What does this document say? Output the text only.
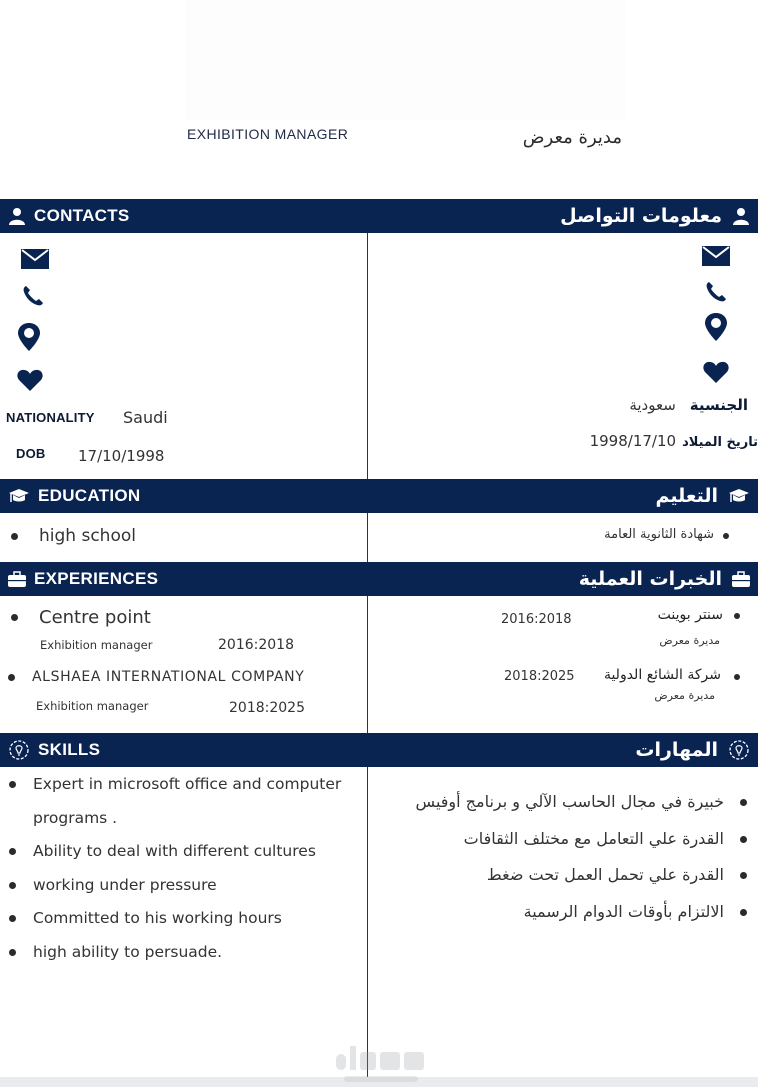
EXHIBITION MANAGER	مديرة معرض
CONTACTS	معلومات التواصل
NATIONALITY Saudi
DOB 17/10/1998
الجنسية
سعودية
تاريخ الميلاد
1998/17/10
EDUCATION	التعليم
high school	شهادة الثانوية العامة
EXPERIENCES	الخبرات العملية
Centre point
Exhibition manager	2016:2018
ALSHAEA INTERNATIONAL COMPANY
Exhibition manager	2018:2025
سنتر بوينت
2016:2018
مديرة معرض
شركة الشائع الدولية
2018:2025
مديرة معرض
SKILLS	المهارات
Expert in microsoft office and computer
programs .
Ability to deal with different cultures
working under pressure
Committed to his working hours
high ability to persuade.
خبيرة في مجال الحاسب الآلي و برنامج أوفيس
القدرة علي التعامل مع مختلف الثقافات
القدرة علي تحمل العمل تحت ضغط
الالتزام بأوقات الدوام الرسمية
